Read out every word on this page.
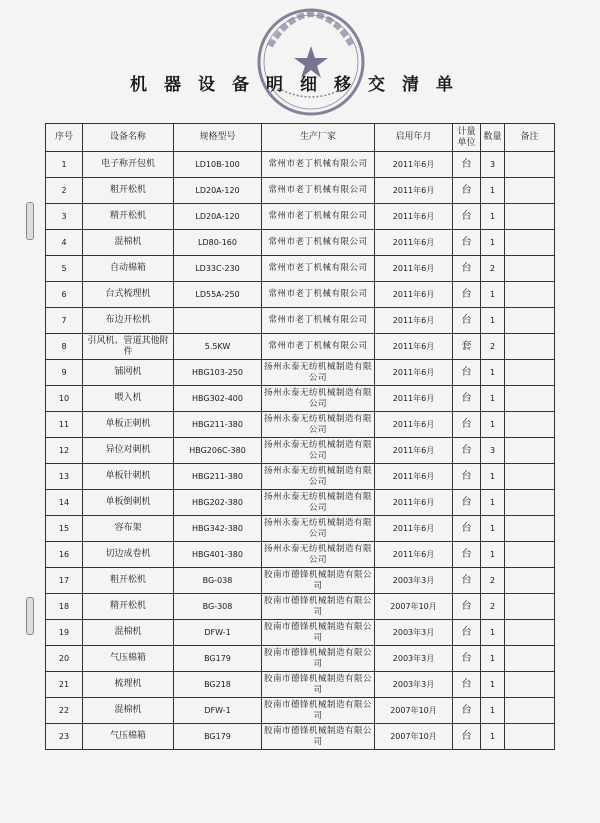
机器设备明细移交清单
序号	设备名称	规格型号	生产厂家	启用年月	计量单位	数量	备注
1	电子称开包机	LD10B-100	常州市老丁机械有限公司	2011年6月	台	3	
2	粗开松机	LD20A-120	常州市老丁机械有限公司	2011年6月	台	1	
3	精开松机	LD20A-120	常州市老丁机械有限公司	2011年6月	台	1	
4	混棉机	LD80-160	常州市老丁机械有限公司	2011年6月	台	1	
5	自动棉箱	LD33C-230	常州市老丁机械有限公司	2011年6月	台	2	
6	台式梳理机	LD55A-250	常州市老丁机械有限公司	2011年6月	台	1	
7	布边开松机		常州市老丁机械有限公司	2011年6月	台	1	
8	引风机、管道其他附件	5.5KW	常州市老丁机械有限公司	2011年6月	套	2	
9	铺网机	HBG103-250	扬州永泰无纺机械制造有限公司	2011年6月	台	1	
10	喂入机	HBG302-400	扬州永泰无纺机械制造有限公司	2011年6月	台	1	
11	单板正刺机	HBG211-380	扬州永泰无纺机械制造有限公司	2011年6月	台	1	
12	异位对刺机	HBG206C-380	扬州永泰无纺机械制造有限公司	2011年6月	台	3	
13	单板针刺机	HBG211-380	扬州永泰无纺机械制造有限公司	2011年6月	台	1	
14	单板倒刺机	HBG202-380	扬州永泰无纺机械制造有限公司	2011年6月	台	1	
15	容布架	HBG342-380	扬州永泰无纺机械制造有限公司	2011年6月	台	1	
16	切边成卷机	HBG401-380	扬州永泰无纺机械制造有限公司	2011年6月	台	1	
17	粗开松机	BG-038	胶南市德锋机械制造有限公司	2003年3月	台	2	
18	精开松机	BG-308	胶南市德锋机械制造有限公司	2007年10月	台	2	
19	混棉机	DFW-1	胶南市德锋机械制造有限公司	2003年3月	台	1	
20	气压棉箱	BG179	胶南市德锋机械制造有限公司	2003年3月	台	1	
21	梳理机	BG218	胶南市德锋机械制造有限公司	2003年3月	台	1	
22	混棉机	DFW-1	胶南市德锋机械制造有限公司	2007年10月	台	1	
23	气压棉箱	BG179	胶南市德锋机械制造有限公司	2007年10月	台	1	
